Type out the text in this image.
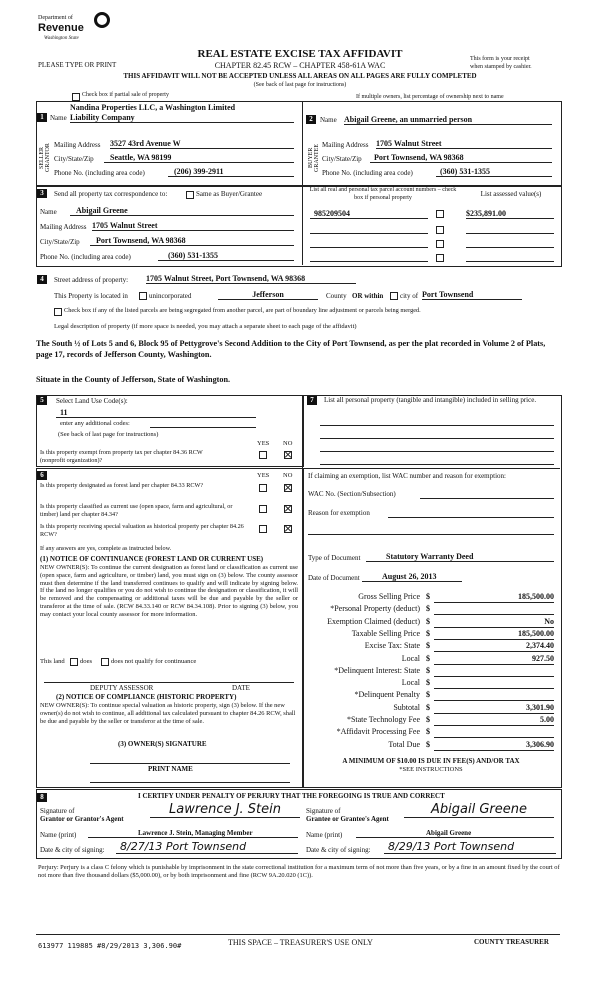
Department of
Revenue
Washington State
PLEASE TYPE OR PRINT
REAL ESTATE EXCISE TAX AFFIDAVIT
CHAPTER 82.45 RCW – CHAPTER 458-61A WAC
THIS AFFIDAVIT WILL NOT BE ACCEPTED UNLESS ALL AREAS ON ALL PAGES ARE FULLY COMPLETED
(See back of last page for instructions)
This form is your receipt
when stamped by cashier.
Check box if partial sale of property	If multiple owners, list percentage of ownership next to name
1
SELLER GRANTOR
Name
Nandina Properties LLC, a Washington Limited
Liability Company
Mailing Address 3527 43rd Avenue W
City/State/Zip	Seattle, WA 98199
Phone No. (including area code)	(206) 399-2911
2
BUYER GRANTEE
Name Abigail Greene, an unmarried person
Mailing Address 1705 Walnut Street
City/State/Zip	Port Townsend, WA 98368
Phone No. (including area code)	(360) 531-1355
3	Send all property tax correspondence to:	Same as Buyer/Grantee
Name	Abigail Greene
Mailing Address 1705 Walnut Street
City/State/Zip	Port Townsend, WA 98368
Phone No. (including area code)	(360) 531-1355
List all real and personal tax parcel account numbers – check box if personal property	List assessed value(s)
985209504	$235,891.00
4	Street address of property: 1705 Walnut Street, Port Townsend, WA 98368
This Property is located in	unincorporated	Jefferson	County OR within city of Port Townsend
Check box if any of the listed parcels are being segregated from another parcel, are part of boundary line adjustment or parcels being merged.
Legal description of property (if more space is needed, you may attach a separate sheet to each page of the affidavit)
The South ½ of Lots 5 and 6, Block 95 of Pettygrove's Second Addition to the City of Port Townsend, as per the plat recorded in Volume 2 of Plats, page 17, records of Jefferson County, Washington.
Situate in the County of Jefferson, State of Washington.
5	Select Land Use Code(s):
11
enter any additional codes:
(See back of last page for instructions)
YES NO
Is this property exempt from property tax per chapter 84.36 RCW (nonprofit organization)?
6	YES NO
Is this property designated as forest land per chapter 84.33 RCW?
Is this property classified as current use (open space, farm and agricultural, or timber) land per chapter 84.34?
Is this property receiving special valuation as historical property per chapter 84.26 RCW?
If any answers are yes, complete as instructed below.
(1) NOTICE OF CONTINUANCE (FOREST LAND OR CURRENT USE)
NEW OWNER(S): To continue the current designation as forest land or classification as current use (open space, farm and agriculture, or timber) land, you must sign on (3) below. The county assessor must then determine if the land transferred continues to qualify and will indicate by signing below. If the land no longer qualifies or you do not wish to continue the designation or classification, it will be removed and the compensating or additional taxes will be due and payable by the seller or transferor at the time of sale. (RCW 84.33.140 or RCW 84.34.108). Prior to signing (3) below, you may contact your local county assessor for more information.
This land does	does not qualify for continuance
DEPUTY ASSESSOR	DATE
(2) NOTICE OF COMPLIANCE (HISTORIC PROPERTY)
NEW OWNER(S): To continue special valuation as historic property, sign (3) below. If the new owner(s) do not wish to continue, all additional tax calculated pursuant to chapter 84.26 RCW, shall be due and payable by the seller or transferor at the time of sale.
(3) OWNER(S) SIGNATURE
PRINT NAME
7	List all personal property (tangible and intangible) included in selling price.
If claiming an exemption, list WAC number and reason for exemption:
WAC No. (Section/Subsection)
Reason for exemption
Type of Document	Statutory Warranty Deed
Date of Document	August 26, 2013
Gross Selling Price $	185,500.00
*Personal Property (deduct) $
Exemption Claimed (deduct) $	No
Taxable Selling Price $	185,500.00
Excise Tax: State $	2,374.40
Local $	927.50
*Delinquent Interest: State $
Local $
*Delinquent Penalty $
Subtotal $	3,301.90
*State Technology Fee $	5.00
*Affidavit Processing Fee $
Total Due $	3,306.90
A MINIMUM OF $10.00 IS DUE IN FEE(S) AND/OR TAX
*SEE INSTRUCTIONS
8	I CERTIFY UNDER PENALTY OF PERJURY THAT THE FOREGOING IS TRUE AND CORRECT
Signature of
Grantor or Grantor's Agent
Lawrence J. Stein	Signature of
Grantee or Grantee's Agent
Abigail Greene
Name (print)	Lawrence J. Stein, Managing Member	Name (print)	Abigail Greene
Date & city of signing:	8/27/13 Port Townsend	Date & city of signing:	8/29/13 Port Townsend
Perjury: Perjury is a class C felony which is punishable by imprisonment in the state correctional institution for a maximum term of not more than five years, or by a fine in an amount fixed by the court of not more than five thousand dollars ($5,000.00), or by both imprisonment and fine (RCW 9A.20.020 (1C)).
613977 119885 #8/29/2013 3,306.90#	THIS SPACE – TREASURER'S USE ONLY	COUNTY TREASURER
